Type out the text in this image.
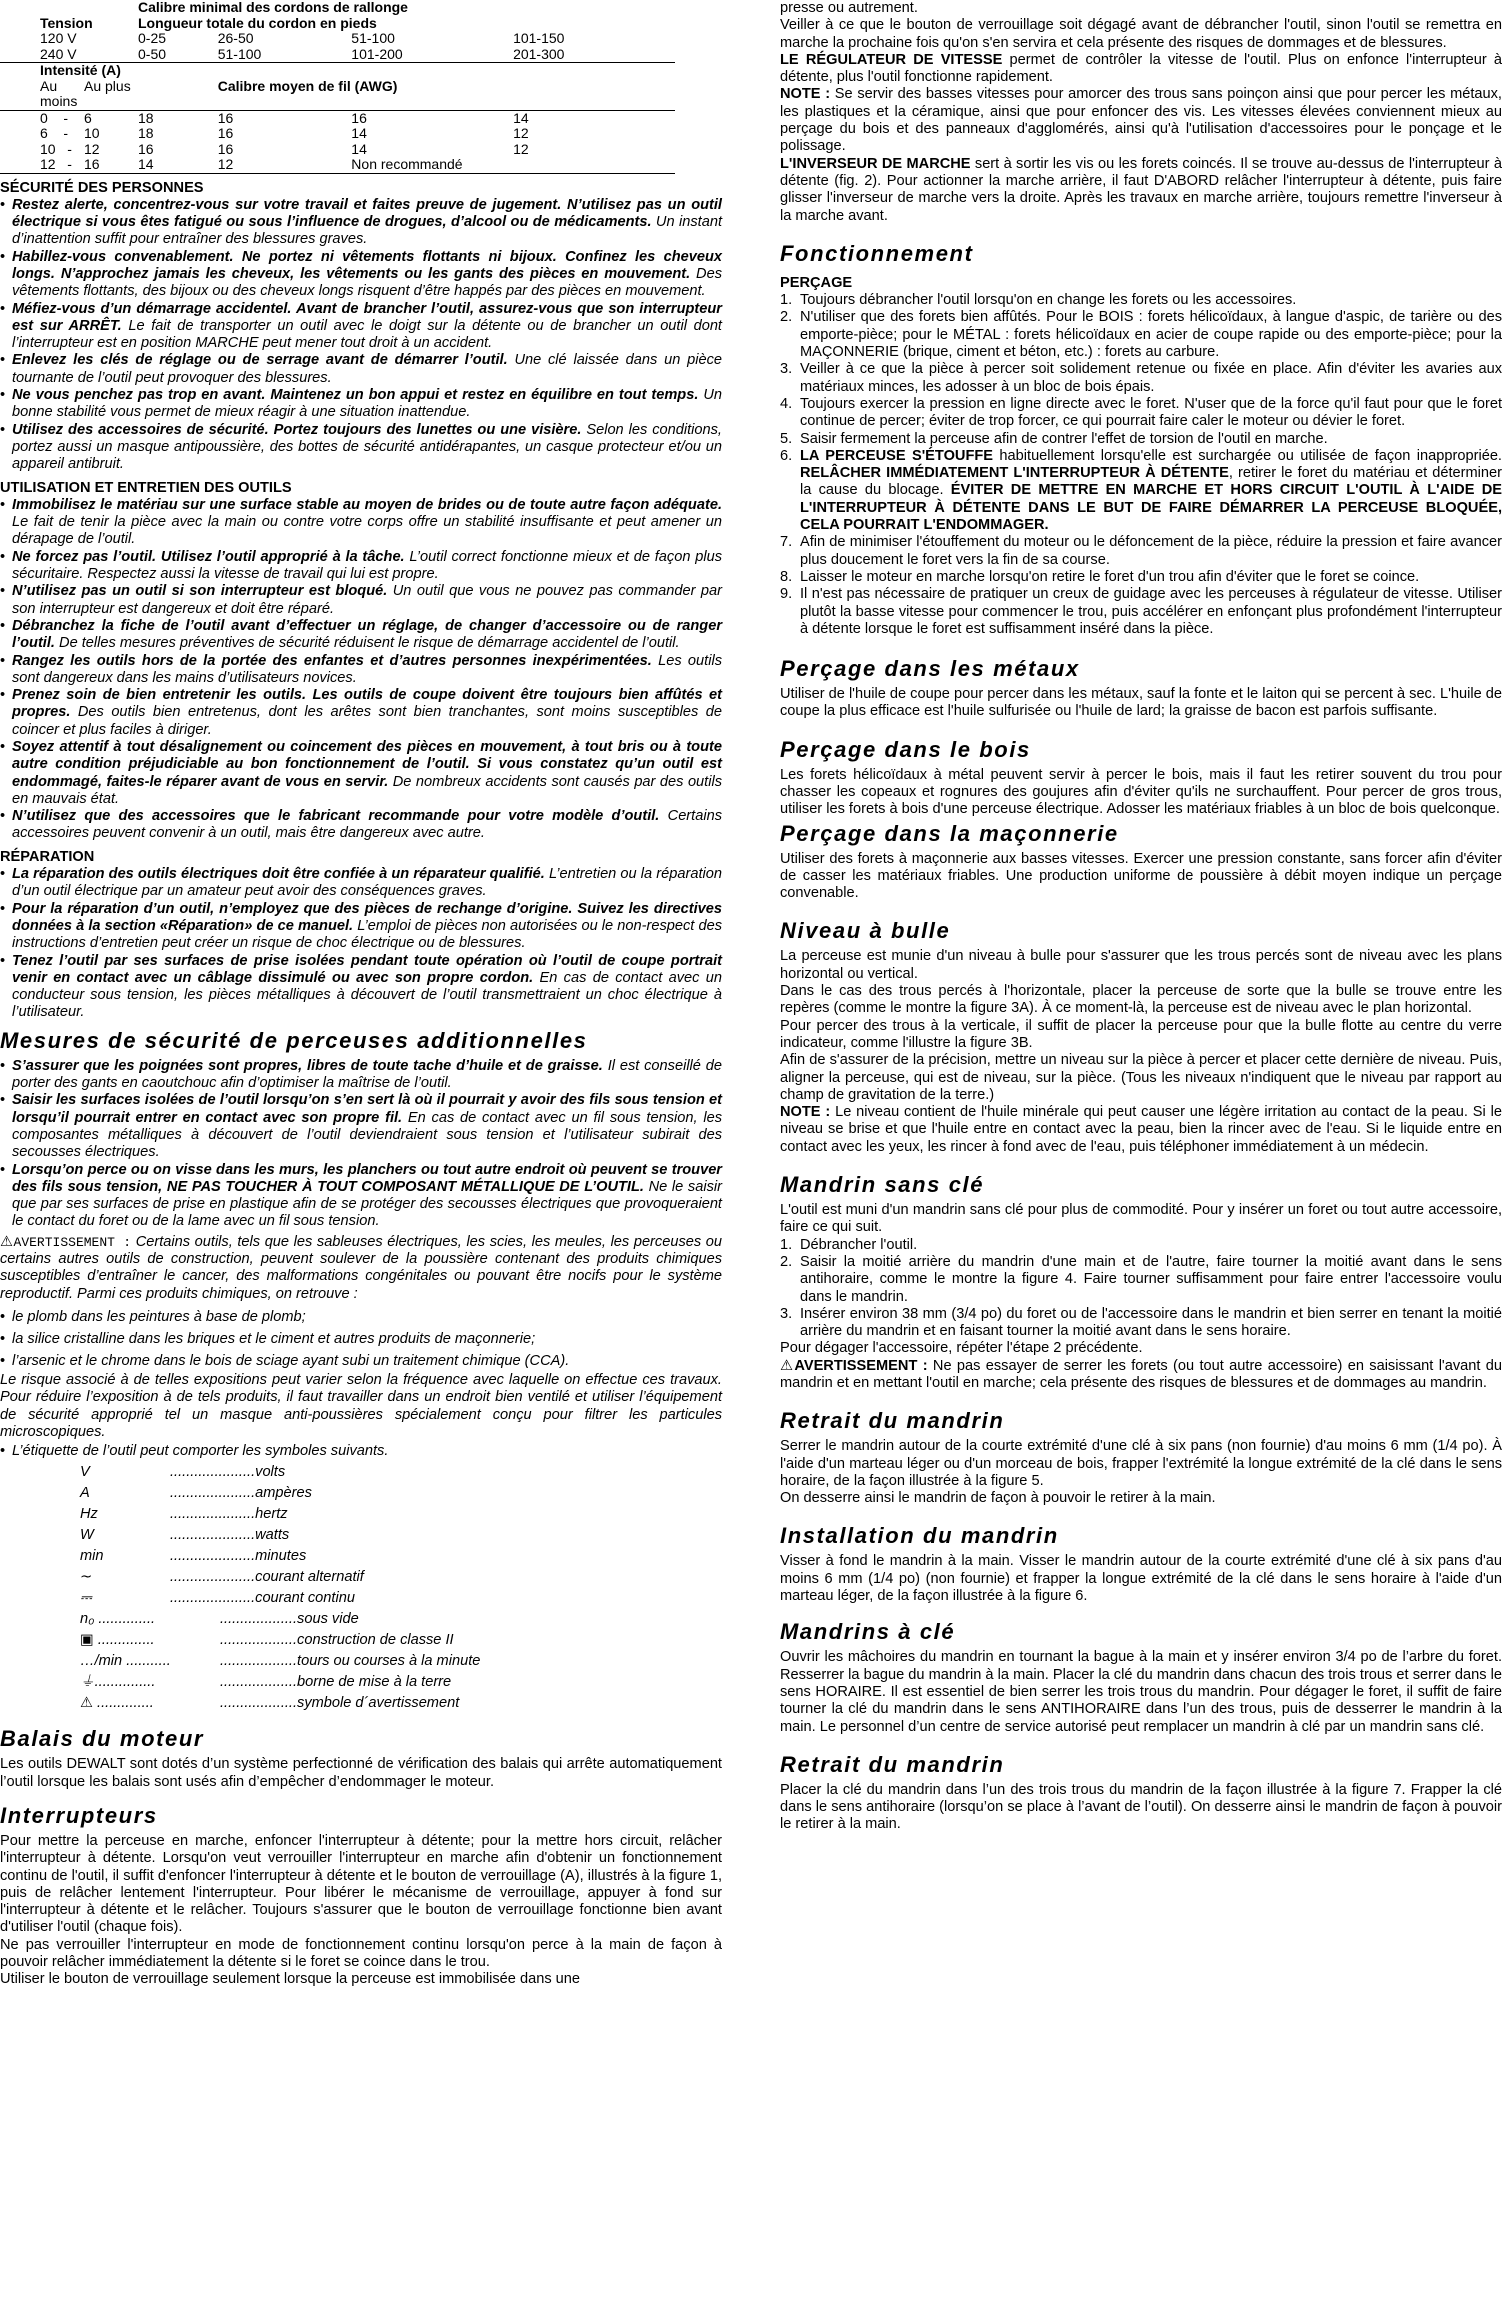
		Calibre minimal des cordons de rallonge				
Tension		Longueur totale du cordon en pieds				
120 V		0-25	26-50	51-100	101-150	
240 V		0-50	51-100	101-200	201-300	
Intensité (A)						
Au moins	Au plus		Calibre moyen de fil (AWG)			
0 -	6	18	16	16	14	
6 -	10	18	16	14	12	
10 -	12	16	16	14	12	
12 -	16	14	12	Non recommandé		
SÉCURITÉ DES PERSONNES
• Restez alerte, concentrez-vous sur votre travail et faites preuve de jugement. N’utilisez pas un outil électrique si vous êtes fatigué ou sous l’influence de drogues, d’alcool ou de médicaments. Un instant d’inattention suffit pour entraîner des blessures graves.
• Habillez-vous convenablement. Ne portez ni vêtements flottants ni bijoux. Confinez les cheveux longs. N’approchez jamais les cheveux, les vêtements ou les gants des pièces en mouvement. Des vêtements flottants, des bijoux ou des cheveux longs risquent d’être happés par des pièces en mouvement.
• Méfiez-vous d’un démarrage accidentel. Avant de brancher l’outil, assurez-vous que son interrupteur est sur ARRÊT. Le fait de transporter un outil avec le doigt sur la détente ou de brancher un outil dont l’interrupteur est en position MARCHE peut mener tout droit à un accident.
• Enlevez les clés de réglage ou de serrage avant de démarrer l’outil. Une clé laissée dans un pièce tournante de l’outil peut provoquer des blessures.
• Ne vous penchez pas trop en avant. Maintenez un bon appui et restez en équilibre en tout temps. Un bonne stabilité vous permet de mieux réagir à une situation inattendue.
• Utilisez des accessoires de sécurité. Portez toujours des lunettes ou une visière. Selon les conditions, portez aussi un masque antipoussière, des bottes de sécurité antidérapantes, un casque protecteur et/ou un appareil antibruit.
UTILISATION ET ENTRETIEN DES OUTILS
• Immobilisez le matériau sur une surface stable au moyen de brides ou de toute autre façon adéquate. Le fait de tenir la pièce avec la main ou contre votre corps offre un stabilité insuffisante et peut amener un dérapage de l’outil.
• Ne forcez pas l’outil. Utilisez l’outil approprié à la tâche. L’outil correct fonctionne mieux et de façon plus sécuritaire. Respectez aussi la vitesse de travail qui lui est propre.
• N’utilisez pas un outil si son interrupteur est bloqué. Un outil que vous ne pouvez pas commander par son interrupteur est dangereux et doit être réparé.
• Débranchez la fiche de l’outil avant d’effectuer un réglage, de changer d’accessoire ou de ranger l’outil. De telles mesures préventives de sécurité réduisent le risque de démarrage accidentel de l’outil.
• Rangez les outils hors de la portée des enfantes et d’autres personnes inexpérimentées. Les outils sont dangereux dans les mains d’utilisateurs novices.
• Prenez soin de bien entretenir les outils. Les outils de coupe doivent être toujours bien affûtés et propres. Des outils bien entretenus, dont les arêtes sont bien tranchantes, sont moins susceptibles de coincer et plus faciles à diriger.
• Soyez attentif à tout désalignement ou coincement des pièces en mouvement, à tout bris ou à toute autre condition préjudiciable au bon fonctionnement de l’outil. Si vous constatez qu’un outil est endommagé, faites-le réparer avant de vous en servir. De nombreux accidents sont causés par des outils en mauvais état.
• N’utilisez que des accessoires que le fabricant recommande pour votre modèle d’outil. Certains accessoires peuvent convenir à un outil, mais être dangereux avec autre.
RÉPARATION
• La réparation des outils électriques doit être confiée à un réparateur qualifié. L’entretien ou la réparation d’un outil électrique par un amateur peut avoir des conséquences graves.
• Pour la réparation d’un outil, n’employez que des pièces de rechange d’origine. Suivez les directives données à la section «Réparation» de ce manuel. L’emploi de pièces non autorisées ou le non-respect des instructions d’entretien peut créer un risque de choc électrique ou de blessures.
• Tenez l’outil par ses surfaces de prise isolées pendant toute opération où l’outil de coupe portrait venir en contact avec un câblage dissimulé ou avec son propre cordon. En cas de contact avec un conducteur sous tension, les pièces métalliques à découvert de l’outil transmettraient un choc électrique à l’utilisateur.
Mesures de sécurité de perceuses additionnelles
• S’assurer que les poignées sont propres, libres de toute tache d’huile et de graisse. Il est conseillé de porter des gants en caoutchouc afin d’optimiser la maîtrise de l’outil.
• Saisir les surfaces isolées de l’outil lorsqu’on s’en sert là où il pourrait y avoir des fils sous tension et lorsqu’il pourrait entrer en contact avec son propre fil. En cas de contact avec un fil sous tension, les composantes métalliques à découvert de l’outil deviendraient sous tension et l’utilisateur subirait des secousses électriques.
• Lorsqu’on perce ou on visse dans les murs, les planchers ou tout autre endroit où peuvent se trouver des fils sous tension, NE PAS TOUCHER À TOUT COMPOSANT MÉTALLIQUE DE L’OUTIL. Ne le saisir que par ses surfaces de prise en plastique afin de se protéger des secousses électriques que provoqueraient le contact du foret ou de la lame avec un fil sous tension.

⚠AVERTISSEMENT : Certains outils, tels que les sableuses électriques, les scies, les meules, les perceuses ou certains autres outils de construction, peuvent soulever de la poussière contenant des produits chimiques susceptibles d’entraîner le cancer, des malformations congénitales ou pouvant être nocifs pour le système reproductif. Parmi ces produits chimiques, on retrouve :

• le plomb dans les peintures à base de plomb;
• la silice cristalline dans les briques et le ciment et autres produits de maçonnerie;
• l’arsenic et le chrome dans le bois de sciage ayant subi un traitement chimique (CCA).

Le risque associé à de telles expositions peut varier selon la fréquence avec laquelle on effectue ces travaux. Pour réduire l’exposition à de tels produits, il faut travailler dans un endroit bien ventilé et utiliser l’équipement de sécurité approprié tel un masque anti-poussières spécialement conçu pour filtrer les particules microscopiques.

• L’étiquette de l’outil peut comporter les symboles suivants.
V	.....................volts
A	.....................ampères
Hz	.....................hertz
W	.....................watts
min	.....................minutes
∼	.....................courant alternatif
⎓	.....................courant continu
n₀ ..............	...................sous vide
▣ ..............	...................construction de classe II
…/min ...........	...................tours ou courses à la minute
⏚...............	...................borne de mise à la terre
⚠ ..............	...................symbole d´avertissement
Balais du moteur

Les outils DEWALT sont dotés d’un système perfectionné de vérification des balais qui arrête automatiquement l’outil lorsque les balais sont usés afin d’empêcher d’endommager le moteur.

Interrupteurs

Pour mettre la perceuse en marche, enfoncer l'interrupteur à détente; pour la mettre hors circuit, relâcher l'interrupteur à détente. Lorsqu'on veut verrouiller l'interrupteur en marche afin d'obtenir un fonctionnement continu de l'outil, il suffit d'enfoncer l'interrupteur à détente et le bouton de verrouillage (A), illustrés à la figure 1, puis de relâcher lentement l'interrupteur. Pour libérer le mécanisme de verrouillage, appuyer à fond sur l'interrupteur à détente et le relâcher. Toujours s'assurer que le bouton de verrouillage fonctionne bien avant d'utiliser l'outil (chaque fois).

Ne pas verrouiller l'interrupteur en mode de fonctionnement continu lorsqu'on perce à la main de façon à pouvoir relâcher immédiatement la détente si le foret se coince dans le trou.

Utiliser le bouton de verrouillage seulement lorsque la perceuse est immobilisée dans une

presse ou autrement.

Veiller à ce que le bouton de verrouillage soit dégagé avant de débrancher l'outil, sinon l'outil se remettra en marche la prochaine fois qu'on s'en servira et cela présente des risques de dommages et de blessures.

LE RÉGULATEUR DE VITESSE permet de contrôler la vitesse de l'outil. Plus on enfonce l'interrupteur à détente, plus l'outil fonctionne rapidement.

NOTE : Se servir des basses vitesses pour amorcer des trous sans poinçon ainsi que pour percer les métaux, les plastiques et la céramique, ainsi que pour enfoncer des vis. Les vitesses élevées conviennent mieux au perçage du bois et des panneaux d'agglomérés, ainsi qu'à l'utilisation d'accessoires pour le ponçage et le polissage.

L'INVERSEUR DE MARCHE sert à sortir les vis ou les forets coincés. Il se trouve au-dessus de l'interrupteur à détente (fig. 2). Pour actionner la marche arrière, il faut D'ABORD relâcher l'interrupteur à détente, puis faire glisser l'inverseur de marche vers la droite. Après les travaux en marche arrière, toujours remettre l'inverseur à la marche avant.

Fonctionnement
PERÇAGE
1. Toujours débrancher l'outil lorsqu'on en change les forets ou les accessoires.
2. N'utiliser que des forets bien affûtés. Pour le BOIS : forets hélicoïdaux, à langue d'aspic, de tarière ou des emporte-pièce; pour le MÉTAL : forets hélicoïdaux en acier de coupe rapide ou des emporte-pièce; pour la MAÇONNERIE (brique, ciment et béton, etc.) : forets au carbure.
3. Veiller à ce que la pièce à percer soit solidement retenue ou fixée en place. Afin d'éviter les avaries aux matériaux minces, les adosser à un bloc de bois épais.
4. Toujours exercer la pression en ligne directe avec le foret. N'user que de la force qu'il faut pour que le foret continue de percer; éviter de trop forcer, ce qui pourrait faire caler le moteur ou dévier le foret.
5. Saisir fermement la perceuse afin de contrer l'effet de torsion de l'outil en marche.
6. LA PERCEUSE S'ÉTOUFFE habituellement lorsqu'elle est surchargée ou utilisée de façon inappropriée. RELÂCHER IMMÉDIATEMENT L'INTERRUPTEUR À DÉTENTE, retirer le foret du matériau et déterminer la cause du blocage. ÉVITER DE METTRE EN MARCHE ET HORS CIRCUIT L'OUTIL À L'AIDE DE L'INTERRUPTEUR À DÉTENTE DANS LE BUT DE FAIRE DÉMARRER LA PERCEUSE BLOQUÉE, CELA POURRAIT L'ENDOMMAGER.
7. Afin de minimiser l'étouffement du moteur ou le défoncement de la pièce, réduire la pression et faire avancer plus doucement le foret vers la fin de sa course.
8. Laisser le moteur en marche lorsqu'on retire le foret d'un trou afin d'éviter que le foret se coince.
9. Il n'est pas nécessaire de pratiquer un creux de guidage avec les perceuses à régulateur de vitesse. Utiliser plutôt la basse vitesse pour commencer le trou, puis accélérer en enfonçant plus profondément l'interrupteur à détente lorsque le foret est suffisamment inséré dans la pièce.
Perçage dans les métaux

Utiliser de l'huile de coupe pour percer dans les métaux, sauf la fonte et le laiton qui se percent à sec. L'huile de coupe la plus efficace est l'huile sulfurisée ou l'huile de lard; la graisse de bacon est parfois suffisante.

Perçage dans le bois

Les forets hélicoïdaux à métal peuvent servir à percer le bois, mais il faut les retirer souvent du trou pour chasser les copeaux et rognures des goujures afin d'éviter qu'ils ne surchauffent. Pour percer de gros trous, utiliser les forets à bois d'une perceuse électrique. Adosser les matériaux friables à un bloc de bois quelconque.

Perçage dans la maçonnerie

Utiliser des forets à maçonnerie aux basses vitesses. Exercer une pression constante, sans forcer afin d'éviter de casser les matériaux friables. Une production uniforme de poussière à débit moyen indique un perçage convenable.

Niveau à bulle

La perceuse est munie d'un niveau à bulle pour s'assurer que les trous percés sont de niveau avec les plans horizontal ou vertical.

Dans le cas des trous percés à l'horizontale, placer la perceuse de sorte que la bulle se trouve entre les repères (comme le montre la figure 3A). À ce moment-là, la perceuse est de niveau avec le plan horizontal.

Pour percer des trous à la verticale, il suffit de placer la perceuse pour que la bulle flotte au centre du verre indicateur, comme l'illustre la figure 3B.

Afin de s'assurer de la précision, mettre un niveau sur la pièce à percer et placer cette dernière de niveau. Puis, aligner la perceuse, qui est de niveau, sur la pièce. (Tous les niveaux n'indiquent que le niveau par rapport au champ de gravitation de la terre.)

NOTE : Le niveau contient de l'huile minérale qui peut causer une légère irritation au contact de la peau. Si le niveau se brise et que l'huile entre en contact avec la peau, bien la rincer avec de l'eau. Si le liquide entre en contact avec les yeux, les rincer à fond avec de l'eau, puis téléphoner immédiatement à un médecin.

Mandrin sans clé

L'outil est muni d'un mandrin sans clé pour plus de commodité. Pour y insérer un foret ou tout autre accessoire, faire ce qui suit.

1. Débrancher l'outil.
2. Saisir la moitié arrière du mandrin d'une main et de l'autre, faire tourner la moitié avant dans le sens antihoraire, comme le montre la figure 4. Faire tourner suffisamment pour faire entrer l'accessoire voulu dans le mandrin.
3. Insérer environ 38 mm (3/4 po) du foret ou de l'accessoire dans le mandrin et bien serrer en tenant la moitié arrière du mandrin et en faisant tourner la moitié avant dans le sens horaire.

Pour dégager l'accessoire, répéter l'étape 2 précédente.

⚠AVERTISSEMENT : Ne pas essayer de serrer les forets (ou tout autre accessoire) en saisissant l'avant du mandrin et en mettant l'outil en marche; cela présente des risques de blessures et de dommages au mandrin.

Retrait du mandrin

Serrer le mandrin autour de la courte extrémité d'une clé à six pans (non fournie) d'au moins 6 mm (1/4 po). À l'aide d'un marteau léger ou d'un morceau de bois, frapper l'extrémité la longue extrémité de la clé dans le sens horaire, de la façon illustrée à la figure 5.

On desserre ainsi le mandrin de façon à pouvoir le retirer à la main.

Installation du mandrin

Visser à fond le mandrin à la main. Visser le mandrin autour de la courte extrémité d'une clé à six pans d'au moins 6 mm (1/4 po) (non fournie) et frapper la longue extrémité de la clé dans le sens horaire à l'aide d'un marteau léger, de la façon illustrée à la figure 6.

Mandrins à clé

Ouvrir les mâchoires du mandrin en tournant la bague à la main et y insérer environ 3/4 po de l’arbre du foret. Resserrer la bague du mandrin à la main. Placer la clé du mandrin dans chacun des trois trous et serrer dans le sens HORAIRE. Il est essentiel de bien serrer les trois trous du mandrin. Pour dégager le foret, il suffit de faire tourner la clé du mandrin dans le sens ANTIHORAIRE dans l’un des trous, puis de desserrer le mandrin à la main. Le personnel d’un centre de service autorisé peut remplacer un mandrin à clé par un mandrin sans clé.

Retrait du mandrin

Placer la clé du mandrin dans l’un des trois trous du mandrin de la façon illustrée à la figure 7. Frapper la clé dans le sens antihoraire (lorsqu’on se place à l’avant de l’outil). On desserre ainsi le mandrin de façon à pouvoir le retirer à la main.
